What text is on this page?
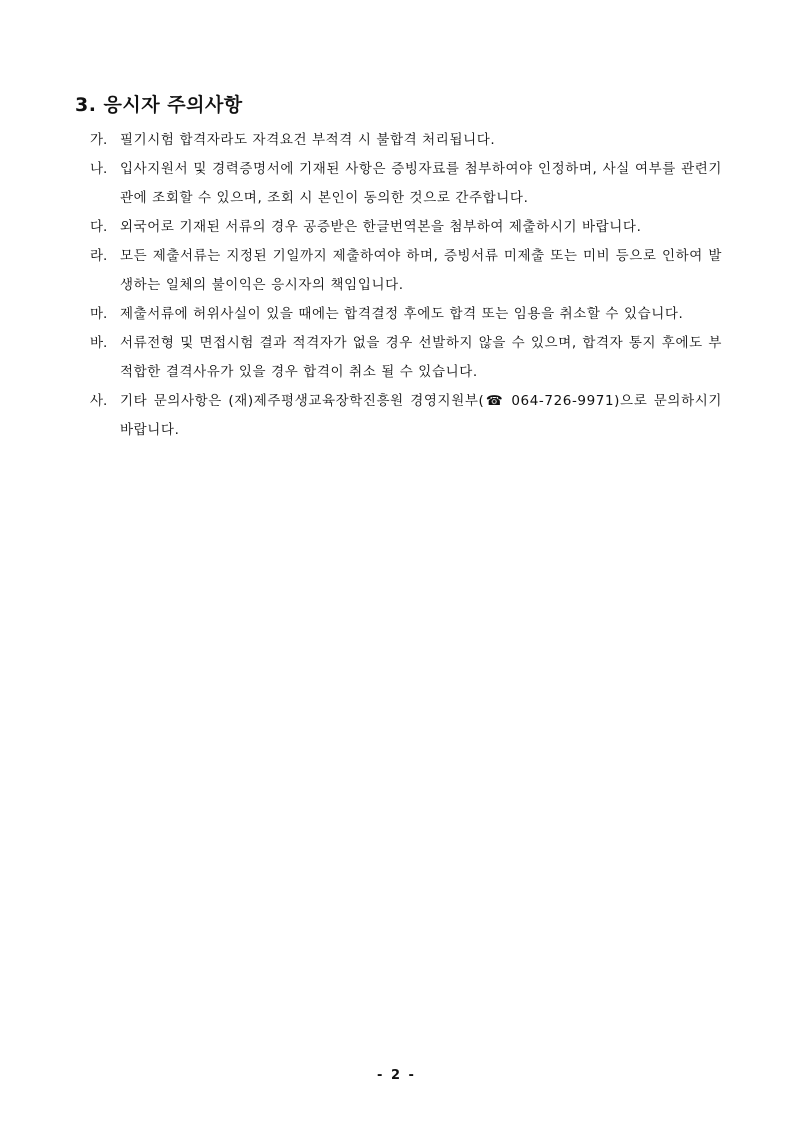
3. 응시자 주의사항
가. 필기시험 합격자라도 자격요건 부적격 시 불합격 처리됩니다.
나. 입사지원서 및 경력증명서에 기재된 사항은 증빙자료를 첨부하여야 인정하며, 사실 여부를 관련기관에 조회할 수 있으며, 조회 시 본인이 동의한 것으로 간주합니다.
다. 외국어로 기재된 서류의 경우 공증받은 한글번역본을 첨부하여 제출하시기 바랍니다.
라. 모든 제출서류는 지정된 기일까지 제출하여야 하며, 증빙서류 미제출 또는 미비 등으로 인하여 발생하는 일체의 불이익은 응시자의 책임입니다.
마. 제출서류에 허위사실이 있을 때에는 합격결정 후에도 합격 또는 임용을 취소할 수 있습니다.
바. 서류전형 및 면접시험 결과 적격자가 없을 경우 선발하지 않을 수 있으며, 합격자 통지 후에도 부적합한 결격사유가 있을 경우 합격이 취소 될 수 있습니다.
사. 기타 문의사항은 (재)제주평생교육장학진흥원 경영지원부(☎ 064-726-9971)으로 문의하시기 바랍니다.
- 2 -
